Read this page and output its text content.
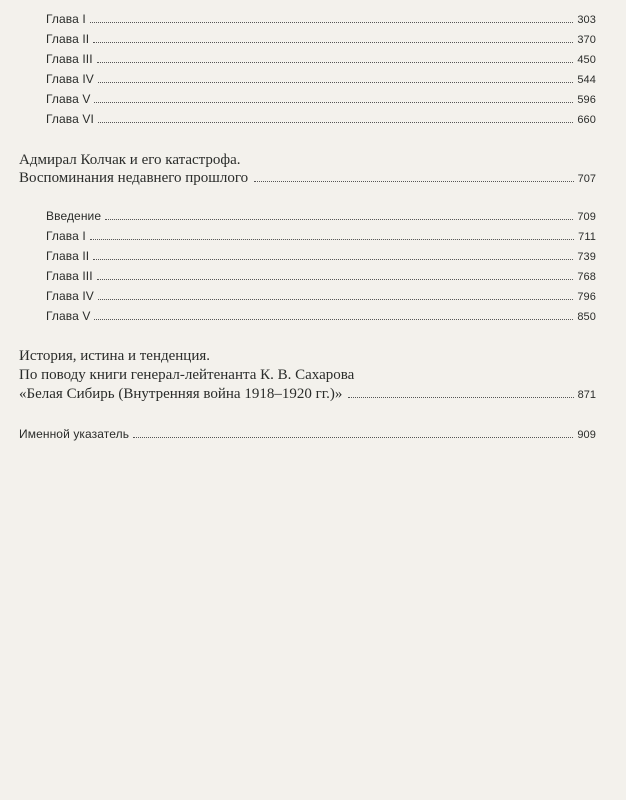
Глава I	303
Глава II	370
Глава III	450
Глава IV	544
Глава V	596
Глава VI	660
Адмирал Колчак и его катастрофа.
Воспоминания недавнего прошлого	707
Введение	709
Глава I	711
Глава II	739
Глава III	768
Глава IV	796
Глава V	850
История, истина и тенденция.
По поводу книги генерал-лейтенанта К. В. Сахарова
«Белая Сибирь (Внутренняя война 1918–1920 гг.)»	871
Именной указатель	909
